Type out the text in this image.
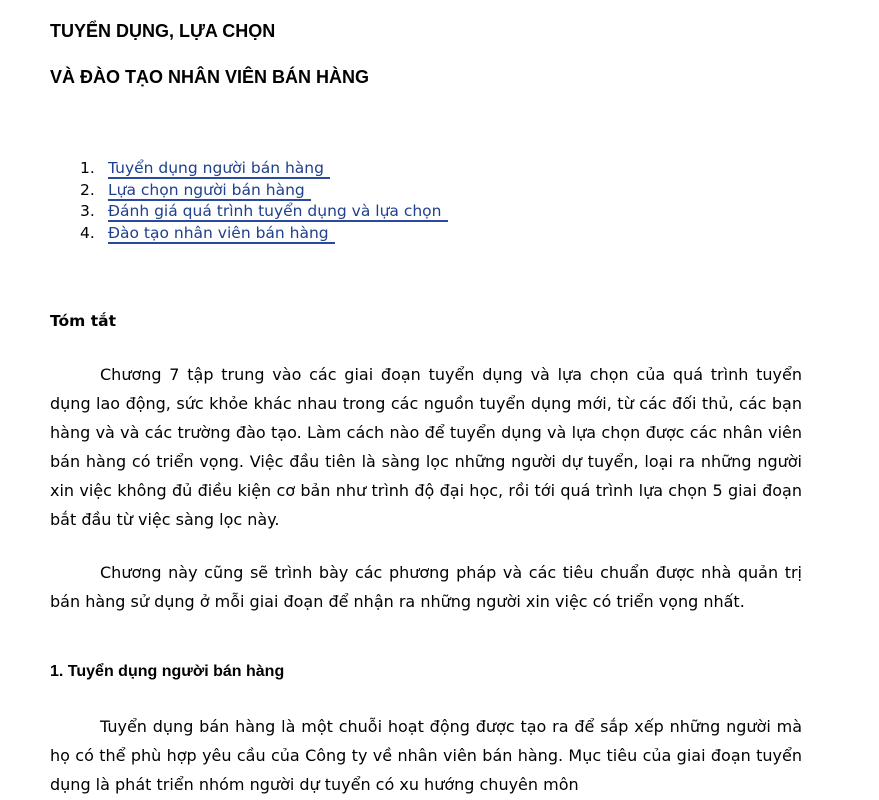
TUYỂN DỤNG, LỰA CHỌN
VÀ ĐÀO TẠO NHÂN VIÊN BÁN HÀNG
1. Tuyển dụng người bán hàng
2. Lựa chọn người bán hàng
3. Đánh giá quá trình tuyển dụng và lựa chọn
4. Đào tạo nhân viên bán hàng
Tóm tắt

Chương 7 tập trung vào các giai đoạn tuyển dụng và lựa chọn của quá trình tuyển dụng lao động, sức khỏe khác nhau trong các nguồn tuyển dụng mới, từ các đối thủ, các bạn hàng và và các trường đào tạo. Làm cách nào để tuyển dụng và lựa chọn được các nhân viên bán hàng có triển vọng. Việc đầu tiên là sàng lọc những người dự tuyển, loại ra những người xin việc không đủ điều kiện cơ bản như trình độ đại học, rồi tới quá trình lựa chọn 5 giai đoạn bắt đầu từ việc sàng lọc này.

Chương này cũng sẽ trình bày các phương pháp và các tiêu chuẩn được nhà quản trị bán hàng sử dụng ở mỗi giai đoạn để nhận ra những người xin việc có triển vọng nhất.

1. Tuyển dụng người bán hàng

Tuyển dụng bán hàng là một chuỗi hoạt động được tạo ra để sắp xếp những người mà họ có thể phù hợp yêu cầu của Công ty về nhân viên bán hàng. Mục tiêu của giai đoạn tuyển dụng là phát triển nhóm người dự tuyển có xu hướng chuyên môn
